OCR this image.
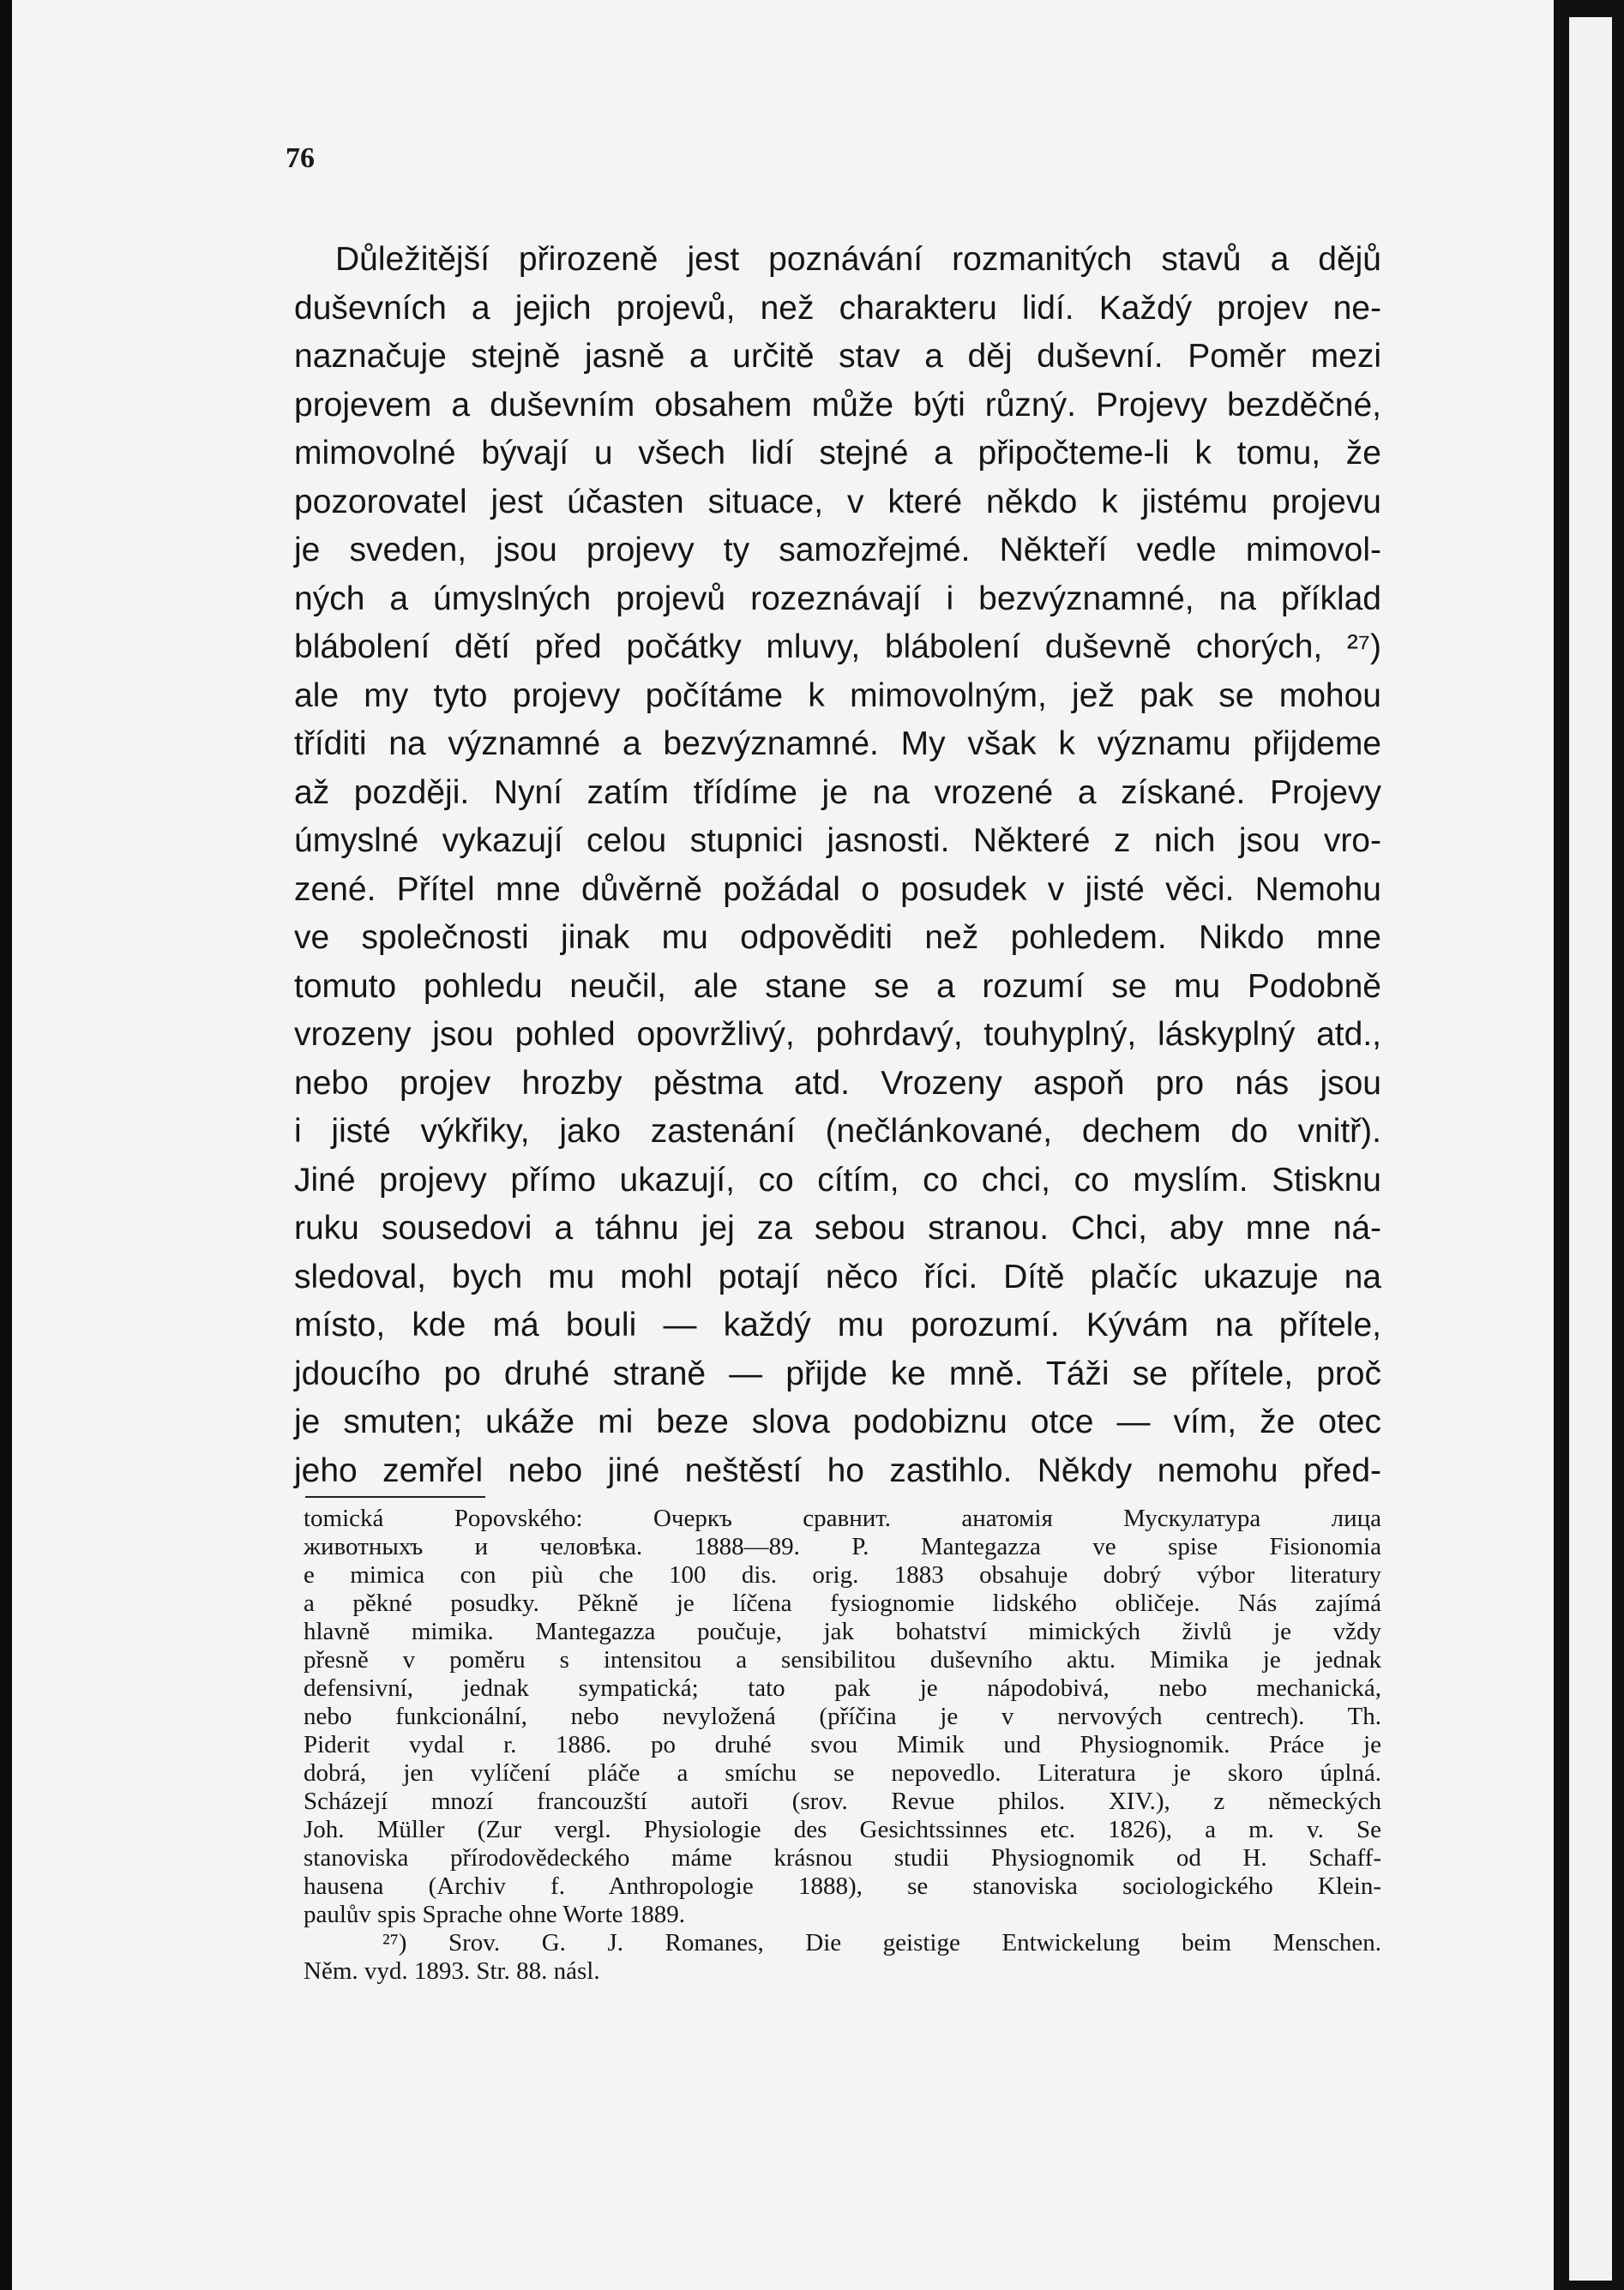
76
Důležitější přirozeně jest poznávání rozmanitých stavů a dějů
duševních a jejich projevů, než charakteru lidí. Každý projev ne-
naznačuje stejně jasně a určitě stav a děj duševní. Poměr mezi
projevem a duševním obsahem může býti různý. Projevy bezděčné,
mimovolné bývají u všech lidí stejné a připočteme-li k tomu, že
pozorovatel jest účasten situace, v které někdo k jistému projevu
je sveden, jsou projevy ty samozřejmé. Někteří vedle mimovol-
ných a úmyslných projevů rozeznávají i bezvýznamné, na příklad
blábolení dětí před počátky mluvy, blábolení duševně chorých, ²⁷)
ale my tyto projevy počítáme k mimovolným, jež pak se mohou
tříditi na významné a bezvýznamné. My však k významu přijdeme
až později. Nyní zatím třídíme je na vrozené a získané. Projevy
úmyslné vykazují celou stupnici jasnosti. Některé z nich jsou vro-
zené. Přítel mne důvěrně požádal o posudek v jisté věci. Nemohu
ve společnosti jinak mu odpověditi než pohledem. Nikdo mne
tomuto pohledu neučil, ale stane se a rozumí se mu Podobně
vrozeny jsou pohled opovržlivý, pohrdavý, touhyplný, láskyplný atd.,
nebo projev hrozby pěstma atd. Vrozeny aspoň pro nás jsou
i jisté výkřiky, jako zastenání (nečlánkované, dechem do vnitř).
Jiné projevy přímo ukazují, co cítím, co chci, co myslím. Stisknu
ruku sousedovi a táhnu jej za sebou stranou. Chci, aby mne ná-
sledoval, bych mu mohl potají něco říci. Dítě plačíc ukazuje na
místo, kde má bouli — každý mu porozumí. Kývám na přítele,
jdoucího po druhé straně — přijde ke mně. Táži se přítele, proč
je smuten; ukáže mi beze slova podobiznu otce — vím, že otec
jeho zemřel nebo jiné neštěstí ho zastihlo. Někdy nemohu před-
tomická Popovského: Очеркъ сравнит. анатомія Мускулатура лица
животныхъ и человѣка. 1888—89. P. Mantegazza ve spise Fisionomia
e mimica con più che 100 dis. orig. 1883 obsahuje dobrý výbor literatury
a pěkné posudky. Pěkně je líčena fysiognomie lidského obličeje. Nás zajímá
hlavně mimika. Mantegazza poučuje, jak bohatství mimických živlů je vždy
přesně v poměru s intensitou a sensibilitou duševního aktu. Mimika je jednak
defensivní, jednak sympatická; tato pak je nápodobivá, nebo mechanická,
nebo funkcionální, nebo nevyložená (příčina je v nervových centrech). Th.
Piderit vydal r. 1886. po druhé svou Mimik und Physiognomik. Práce je
dobrá, jen vylíčení pláče a smíchu se nepovedlo. Literatura je skoro úplná.
Scházejí mnozí francouzští autoři (srov. Revue philos. XIV.), z německých
Joh. Müller (Zur vergl. Physiologie des Gesichtssinnes etc. 1826), a m. v. Se
stanoviska přírodovědeckého máme krásnou studii Physiognomik od H. Schaff-
hausena (Archiv f. Anthropologie 1888), se stanoviska sociologického Klein-
paulův spis Sprache ohne Worte 1889.
²⁷) Srov. G. J. Romanes, Die geistige Entwickelung beim Menschen.
Něm. vyd. 1893. Str. 88. násl.
